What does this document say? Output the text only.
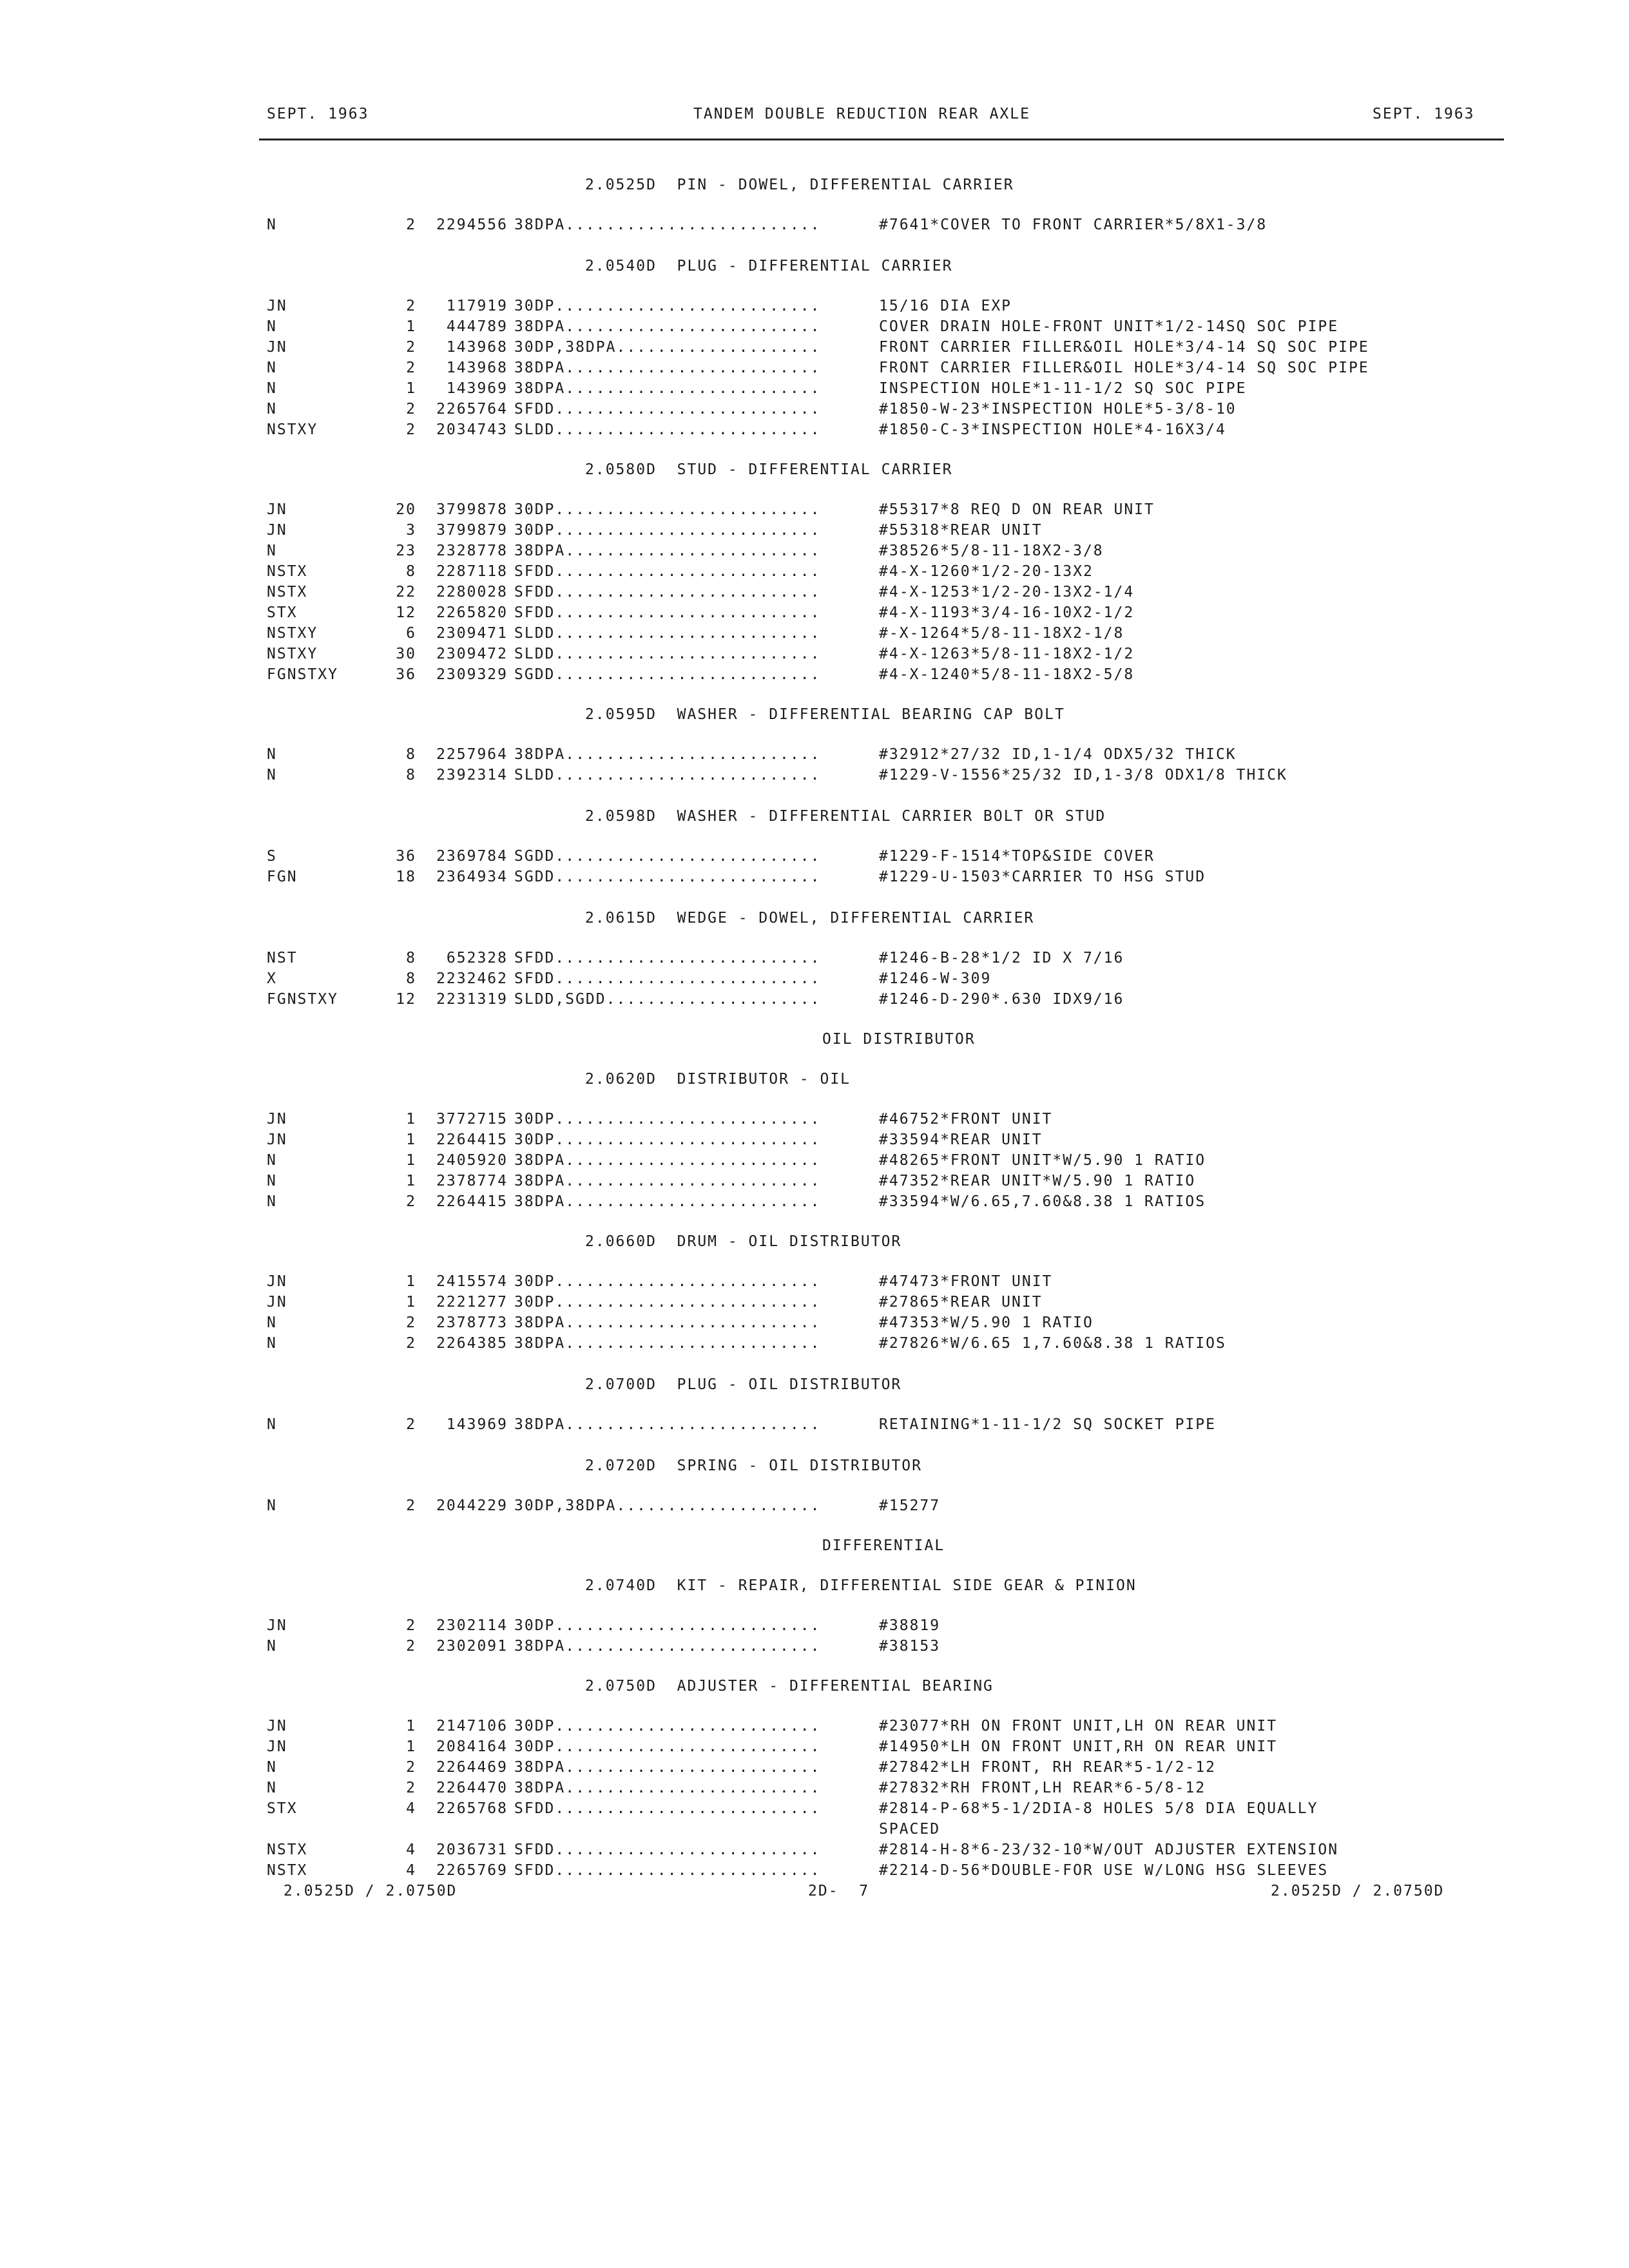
SEPT. 1963	TANDEM DOUBLE REDUCTION REAR AXLE	SEPT. 1963
2.0525D  PIN - DOWEL, DIFFERENTIAL CARRIER
N	2	2294556 38DPA.........................	#7641*COVER TO FRONT CARRIER*5/8X1-3/8
2.0540D  PLUG - DIFFERENTIAL CARRIER
JN	2	117919 30DP..........................	15/16 DIA EXP
N	1	444789 38DPA.........................	COVER DRAIN HOLE-FRONT UNIT*1/2-14SQ SOC PIPE
JN	2	143968 30DP,38DPA....................	FRONT CARRIER FILLER&OIL HOLE*3/4-14 SQ SOC PIPE
N	2	143968 38DPA.........................	FRONT CARRIER FILLER&OIL HOLE*3/4-14 SQ SOC PIPE
N	1	143969 38DPA.........................	INSPECTION HOLE*1-11-1/2 SQ SOC PIPE
N	2	2265764 SFDD..........................	#1850-W-23*INSPECTION HOLE*5-3/8-10
NSTXY	2	2034743 SLDD..........................	#1850-C-3*INSPECTION HOLE*4-16X3/4
2.0580D  STUD - DIFFERENTIAL CARRIER
JN	20	3799878 30DP..........................	#55317*8 REQ D ON REAR UNIT
JN	3	3799879 30DP..........................	#55318*REAR UNIT
N	23	2328778 38DPA.........................	#38526*5/8-11-18X2-3/8
NSTX	8	2287118 SFDD..........................	#4-X-1260*1/2-20-13X2
NSTX	22	2280028 SFDD..........................	#4-X-1253*1/2-20-13X2-1/4
STX	12	2265820 SFDD..........................	#4-X-1193*3/4-16-10X2-1/2
NSTXY	6	2309471 SLDD..........................	#-X-1264*5/8-11-18X2-1/8
NSTXY	30	2309472 SLDD..........................	#4-X-1263*5/8-11-18X2-1/2
FGNSTXY	36	2309329 SGDD..........................	#4-X-1240*5/8-11-18X2-5/8
2.0595D  WASHER - DIFFERENTIAL BEARING CAP BOLT
N	8	2257964 38DPA.........................	#32912*27/32 ID,1-1/4 ODX5/32 THICK
N	8	2392314 SLDD..........................	#1229-V-1556*25/32 ID,1-3/8 ODX1/8 THICK
2.0598D  WASHER - DIFFERENTIAL CARRIER BOLT OR STUD
S	36	2369784 SGDD..........................	#1229-F-1514*TOP&SIDE COVER
FGN	18	2364934 SGDD..........................	#1229-U-1503*CARRIER TO HSG STUD
2.0615D  WEDGE - DOWEL, DIFFERENTIAL CARRIER
NST	8	652328 SFDD..........................	#1246-B-28*1/2 ID X 7/16
X	8	2232462 SFDD..........................	#1246-W-309
FGNSTXY	12	2231319 SLDD,SGDD.....................	#1246-D-290*.630 IDX9/16
OIL DISTRIBUTOR
2.0620D  DISTRIBUTOR - OIL
JN	1	3772715 30DP..........................	#46752*FRONT UNIT
JN	1	2264415 30DP..........................	#33594*REAR UNIT
N	1	2405920 38DPA.........................	#48265*FRONT UNIT*W/5.90 1 RATIO
N	1	2378774 38DPA.........................	#47352*REAR UNIT*W/5.90 1 RATIO
N	2	2264415 38DPA.........................	#33594*W/6.65,7.60&8.38 1 RATIOS
2.0660D  DRUM - OIL DISTRIBUTOR
JN	1	2415574 30DP..........................	#47473*FRONT UNIT
JN	1	2221277 30DP..........................	#27865*REAR UNIT
N	2	2378773 38DPA.........................	#47353*W/5.90 1 RATIO
N	2	2264385 38DPA.........................	#27826*W/6.65 1,7.60&8.38 1 RATIOS
2.0700D  PLUG - OIL DISTRIBUTOR
N	2	143969 38DPA.........................	RETAINING*1-11-1/2 SQ SOCKET PIPE
2.0720D  SPRING - OIL DISTRIBUTOR
N	2	2044229 30DP,38DPA....................	#15277
DIFFERENTIAL
2.0740D  KIT - REPAIR, DIFFERENTIAL SIDE GEAR & PINION
JN	2	2302114 30DP..........................	#38819
N	2	2302091 38DPA.........................	#38153
2.0750D  ADJUSTER - DIFFERENTIAL BEARING
JN	1	2147106 30DP..........................	#23077*RH ON FRONT UNIT,LH ON REAR UNIT
JN	1	2084164 30DP..........................	#14950*LH ON FRONT UNIT,RH ON REAR UNIT
N	2	2264469 38DPA.........................	#27842*LH FRONT, RH REAR*5-1/2-12
N	2	2264470 38DPA.........................	#27832*RH FRONT,LH REAR*6-5/8-12
STX	4	2265768 SFDD..........................	#2814-P-68*5-1/2DIA-8 HOLES 5/8 DIA EQUALLY
SPACED
NSTX	4	2036731 SFDD..........................	#2814-H-8*6-23/32-10*W/OUT ADJUSTER EXTENSION
NSTX	4	2265769 SFDD..........................	#2214-D-56*DOUBLE-FOR USE W/LONG HSG SLEEVES
2.0525D / 2.0750D	2D-  7	2.0525D / 2.0750D
